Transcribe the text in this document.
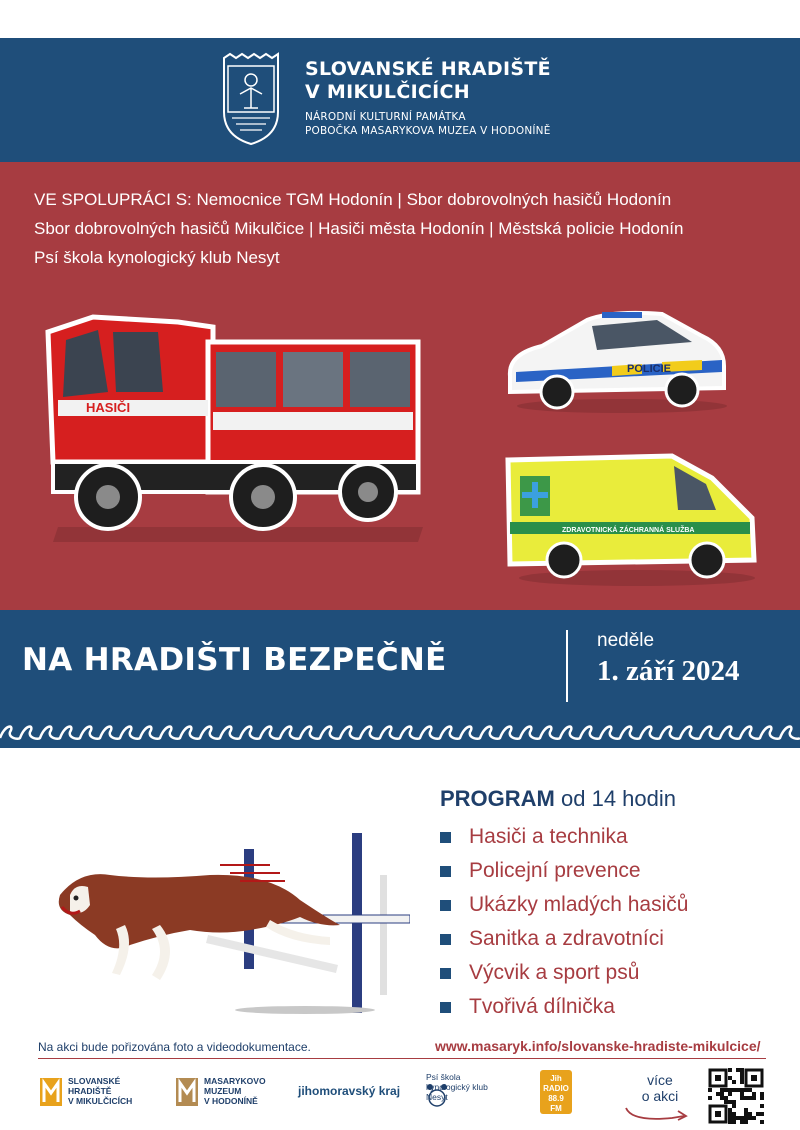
SLOVANSKÉ HRADIŠTĚ
V MIKULČICÍCH
NÁRODNÍ KULTURNÍ PAMÁTKA
POBOČKA MASARYKOVA MUZEA V HODONÍNĚ
VE SPOLUPRÁCI S: Nemocnice TGM Hodonín | Sbor dobrovolných hasičů Hodonín
Sbor dobrovolných hasičů Mikulčice | Hasiči města Hodonín | Městská policie Hodonín
Psí škola kynologický klub Nesyt
HASIČI
POLICIE
ZDRAVOTNICKÁ ZÁCHRANNÁ SLUŽBA
NA HRADIŠTI BEZPEČNĚ
neděle
1. září 2024
PROGRAM od 14 hodin
Hasiči a technika
Policejní prevence
Ukázky mladých hasičů
Sanitka a zdravotníci
Výcvik a sport psů
Tvořivá dílnička
Na akci bude pořizována foto a videodokumentace.	www.masaryk.info/slovanske-hradiste-mikulcice/
SLOVANSKÉ
HRADIŠTĚ
V MIKULČICÍCH
MASARYKOVO
MUZEUM
V HODONÍNĚ
jihomoravský kraj
Psí škola
kynologický klub
Nesyt
Jih
RADIO
88.9 FM
více
o akci
